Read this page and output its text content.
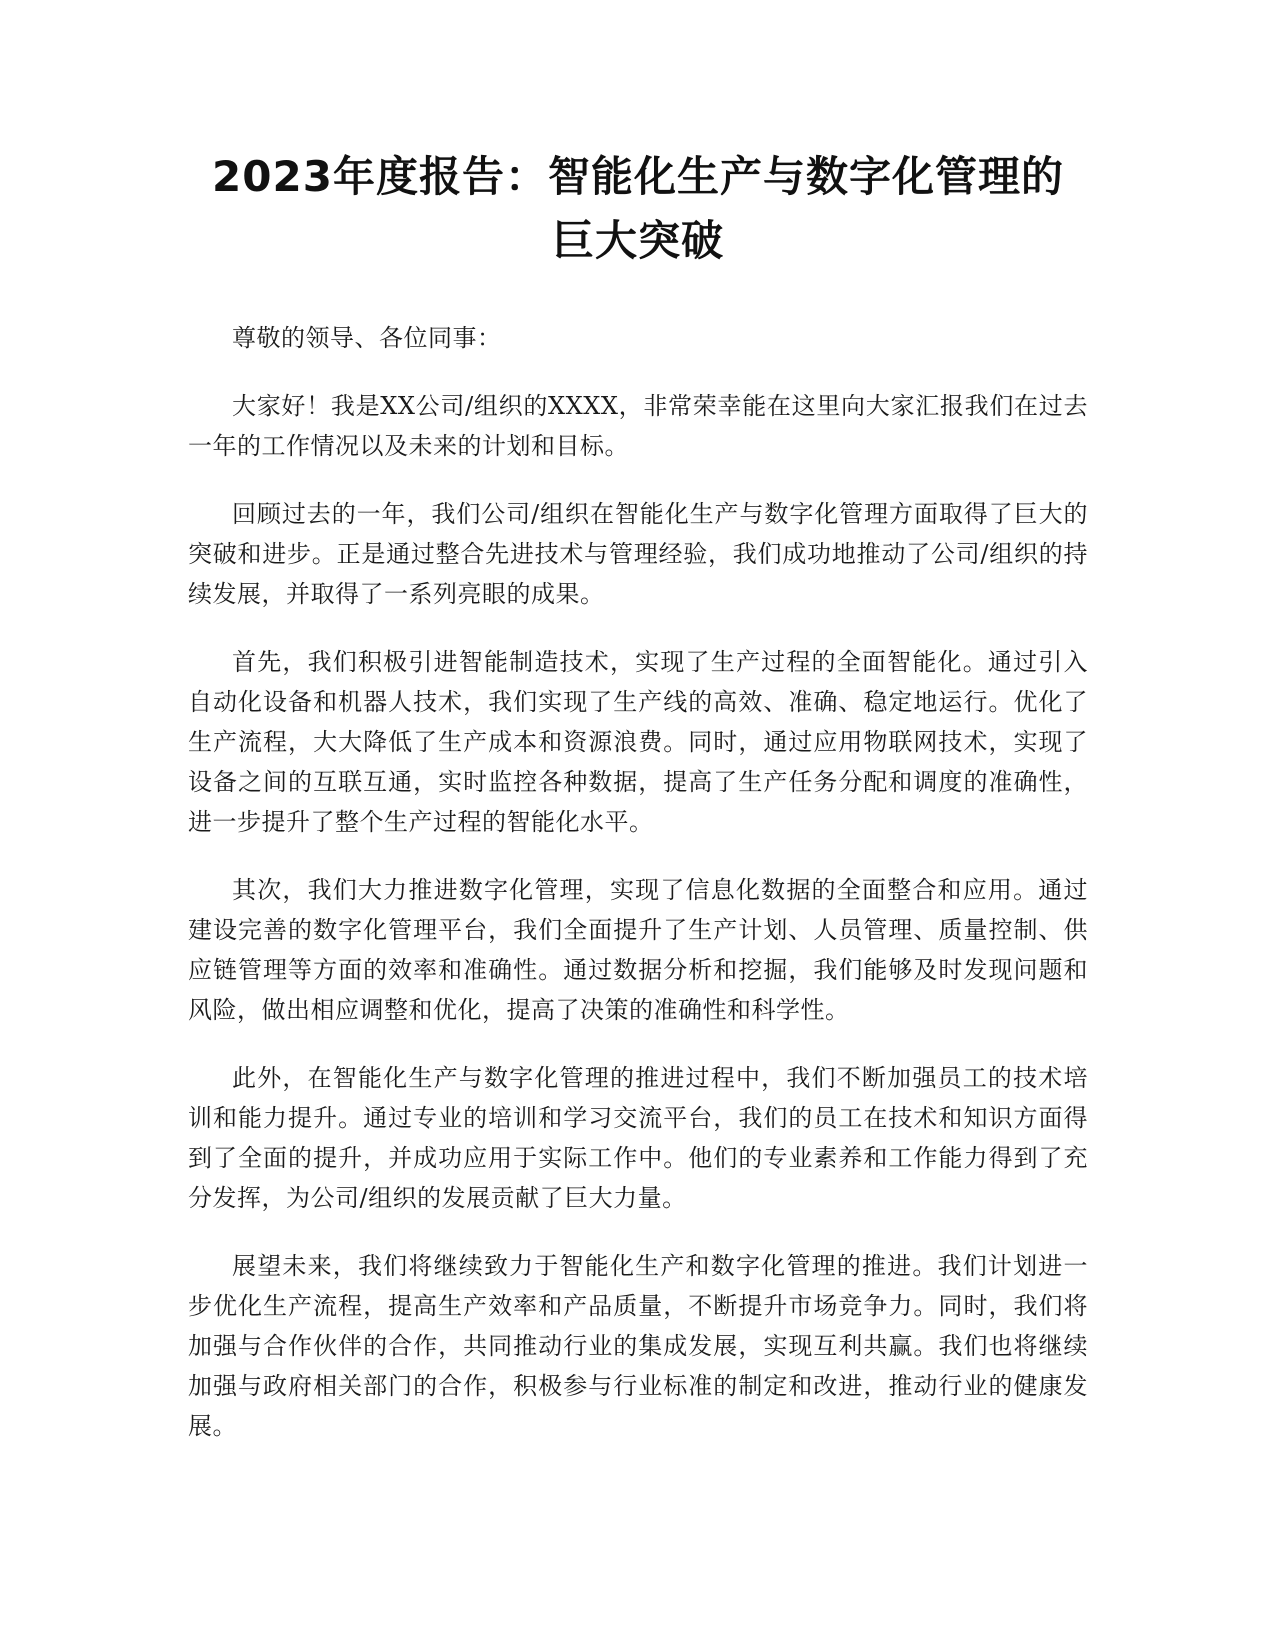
2023年度报告：智能化生产与数字化管理的
巨大突破

尊敬的领导、各位同事：

大家好！我是XX公司/组织的XXXX，非常荣幸能在这里向大家汇报我们在过去一年的工作情况以及未来的计划和目标。

回顾过去的一年，我们公司/组织在智能化生产与数字化管理方面取得了巨大的突破和进步。正是通过整合先进技术与管理经验，我们成功地推动了公司/组织的持续发展，并取得了一系列亮眼的成果。

首先，我们积极引进智能制造技术，实现了生产过程的全面智能化。通过引入自动化设备和机器人技术，我们实现了生产线的高效、准确、稳定地运行。优化了生产流程，大大降低了生产成本和资源浪费。同时，通过应用物联网技术，实现了设备之间的互联互通，实时监控各种数据，提高了生产任务分配和调度的准确性，进一步提升了整个生产过程的智能化水平。

其次，我们大力推进数字化管理，实现了信息化数据的全面整合和应用。通过建设完善的数字化管理平台，我们全面提升了生产计划、人员管理、质量控制、供应链管理等方面的效率和准确性。通过数据分析和挖掘，我们能够及时发现问题和风险，做出相应调整和优化，提高了决策的准确性和科学性。

此外，在智能化生产与数字化管理的推进过程中，我们不断加强员工的技术培训和能力提升。通过专业的培训和学习交流平台，我们的员工在技术和知识方面得到了全面的提升，并成功应用于实际工作中。他们的专业素养和工作能力得到了充分发挥，为公司/组织的发展贡献了巨大力量。

展望未来，我们将继续致力于智能化生产和数字化管理的推进。我们计划进一步优化生产流程，提高生产效率和产品质量，不断提升市场竞争力。同时，我们将加强与合作伙伴的合作，共同推动行业的集成发展，实现互利共赢。我们也将继续加强与政府相关部门的合作，积极参与行业标准的制定和改进，推动行业的健康发展。
